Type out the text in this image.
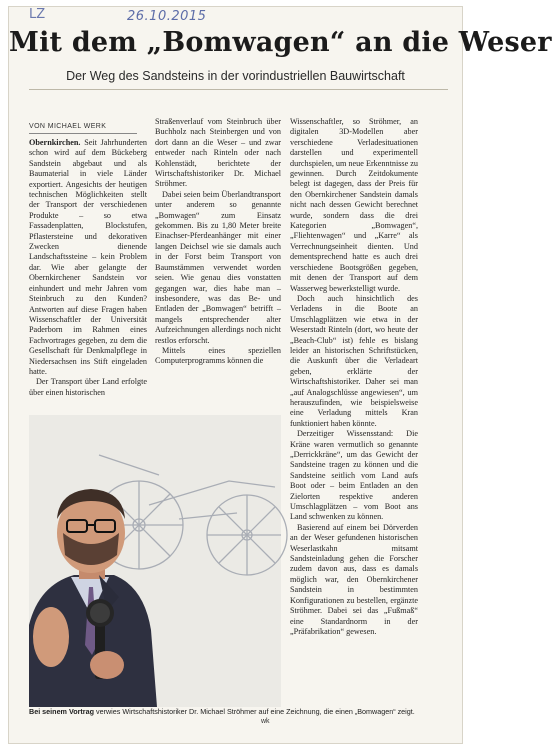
LZ	26.10.2015
Mit dem „Bomwagen“ an die Weser
Der Weg des Sandsteins in der vorindustriellen Bauwirtschaft
VON MICHAEL WERK

Obernkirchen. Seit Jahrhunderten schon wird auf dem Bückeberg Sandstein abgebaut und als Baumaterial in viele Länder exportiert. Angesichts der heutigen technischen Möglichkeiten stellt der Transport der verschiedenen Produkte – so etwa Fassadenplatten, Blockstufen, Pflastersteine und dekorativen Zwecken dienende Landschaftssteine – kein Problem dar. Wie aber gelangte der Obernkirchener Sandstein vor einhundert und mehr Jahren vom Steinbruch zu den Kunden? Antworten auf diese Fragen haben Wissenschaftler der Universität Paderborn im Rahmen eines Fachvortrages gegeben, zu dem die Gesellschaft für Denkmalpflege in Niedersachsen ins Stift eingeladen hatte.

Der Transport über Land erfolgte über einen historischen

Straßenverlauf vom Steinbruch über Buchholz nach Steinbergen und von dort dann an die Weser – und zwar entweder nach Rinteln oder nach Kohlenstädt, berichtete der Wirtschaftshistoriker Dr. Michael Ströhmer.

Dabei seien beim Überlandtransport unter anderem so genannte „Bomwagen“ zum Einsatz gekommen. Bis zu 1,80 Meter breite Einachser-Pferdeanhänger mit einer langen Deichsel wie sie damals auch in der Forst beim Transport von Baumstämmen verwendet worden seien. Wie genau dies vonstatten gegangen war, dies habe man – insbesondere, was das Be- und Entladen der „Bomwagen“ betrifft – mangels entsprechender alter Aufzeichnungen allerdings noch nicht restlos erforscht.

Mittels eines speziellen Computerprogramms können die

Wissenschaftler, so Ströhmer, an digitalen 3D-Modellen aber verschiedene Verladesituationen darstellen und experimentell durchspielen, um neue Erkenntnisse zu gewinnen. Durch Zeitdokumente belegt ist dagegen, dass der Preis für den Obernkirchener Sandstein damals nicht nach dessen Gewicht berechnet wurde, sondern dass die drei Kategorien „Bomwagen“, „Fliehtenwagen“ und „Karre“ als Verrechnungseinheit dienten. Und dementsprechend hatte es auch drei verschiedene Bootsgrößen gegeben, mit denen der Transport auf dem Wasserweg bewerkstelligt wurde.

Doch auch hinsichtlich des Verladens in die Boote an Umschlagplätzen wie etwa in der Weserstadt Rinteln (dort, wo heute der „Beach-Club“ ist) fehle es bislang leider an historischen Schriftstücken, die Auskunft über die Verladeart geben, erklärte der Wirtschaftshistoriker. Daher sei man „auf Analogschlüsse angewiesen“, um herauszufinden, wie beispielsweise eine Verladung mittels Kran funktioniert haben könnte.

Derzeitiger Wissensstand: Die Kräne waren vermutlich so genannte „Derrickkräne“, um das Gewicht der Sandsteine tragen zu können und die Sandsteine seitlich vom Land aufs Boot oder – beim Entladen an den Zielorten respektive anderen Umschlagplätzen – vom Boot ans Land schwenken zu können.

Basierend auf einem bei Dörverden an der Weser gefundenen historischen Weserlastkahn mitsamt Sandsteinladung gehen die Forscher zudem davon aus, dass es damals möglich war, den Obernkirchener Sandstein in bestimmten Konfigurationen zu bestellen, ergänzte Ströhmer. Dabei sei das „Fußmaß“ eine Standardnorm in der „Präfabrikation“ gewesen.

Bei seinem Vortrag verwies Wirtschaftshistoriker Dr. Michael Ströhmer auf eine Zeichnung, die einen „Bomwagen“ zeigt.
wk
